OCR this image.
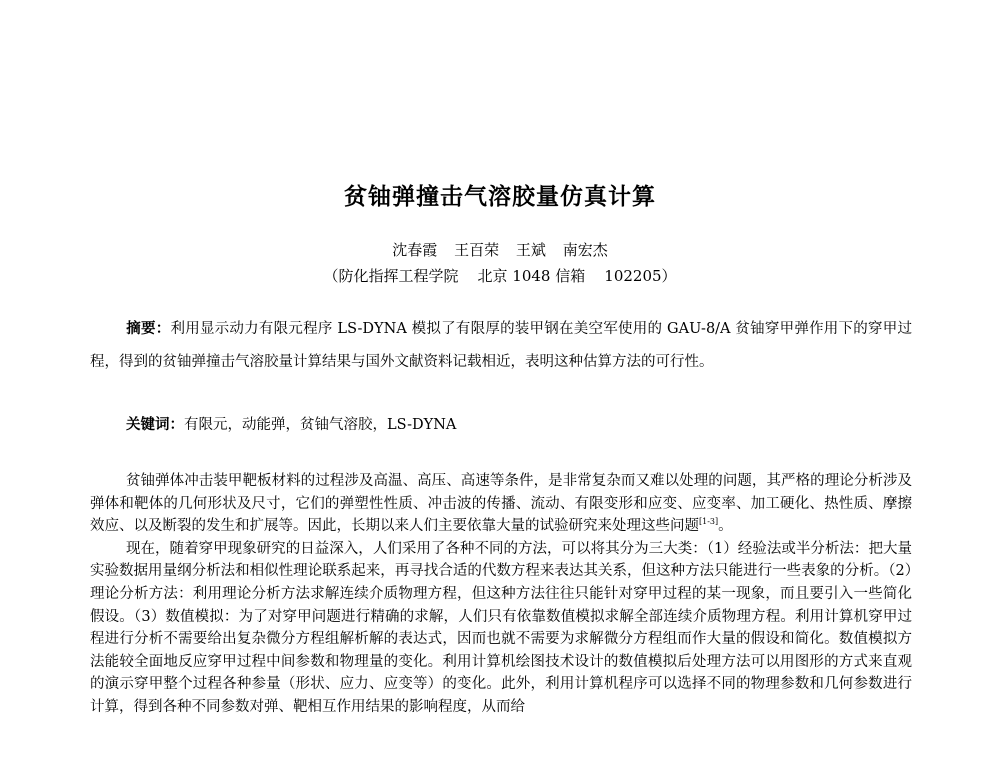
贫铀弹撞击气溶胶量仿真计算
沈春霞 王百荣 王斌 南宏杰
（防化指挥工程学院    北京 1048 信箱    102205）
摘要：利用显示动力有限元程序 LS-DYNA 模拟了有限厚的装甲钢在美空军使用的 GAU-8/A 贫铀穿甲弹作用下的穿甲过程，得到的贫铀弹撞击气溶胶量计算结果与国外文献资料记载相近，表明这种估算方法的可行性。
关键词：有限元，动能弹，贫铀气溶胶，LS-DYNA

贫铀弹体冲击装甲靶板材料的过程涉及高温、高压、高速等条件，是非常复杂而又难以处理的问题，其严格的理论分析涉及弹体和靶体的几何形状及尺寸，它们的弹塑性性质、冲击波的传播、流动、有限变形和应变、应变率、加工硬化、热性质、摩擦效应、以及断裂的发生和扩展等。因此，长期以来人们主要依靠大量的试验研究来处理这些问题[1-3]。

现在，随着穿甲现象研究的日益深入，人们采用了各种不同的方法，可以将其分为三大类：（1）经验法或半分析法：把大量实验数据用量纲分析法和相似性理论联系起来，再寻找合适的代数方程来表达其关系，但这种方法只能进行一些表象的分析。（2）理论分析方法：利用理论分析方法求解连续介质物理方程，但这种方法往往只能针对穿甲过程的某一现象，而且要引入一些简化假设。（3）数值模拟：为了对穿甲问题进行精确的求解，人们只有依靠数值模拟求解全部连续介质物理方程。利用计算机穿甲过程进行分析不需要给出复杂微分方程组解析解的表达式，因而也就不需要为求解微分方程组而作大量的假设和简化。数值模拟方法能较全面地反应穿甲过程中间参数和物理量的变化。利用计算机绘图技术设计的数值模拟后处理方法可以用图形的方式来直观的演示穿甲整个过程各种参量（形状、应力、应变等）的变化。此外，利用计算机程序可以选择不同的物理参数和几何参数进行计算，得到各种不同参数对弹、靶相互作用结果的影响程度，从而给
